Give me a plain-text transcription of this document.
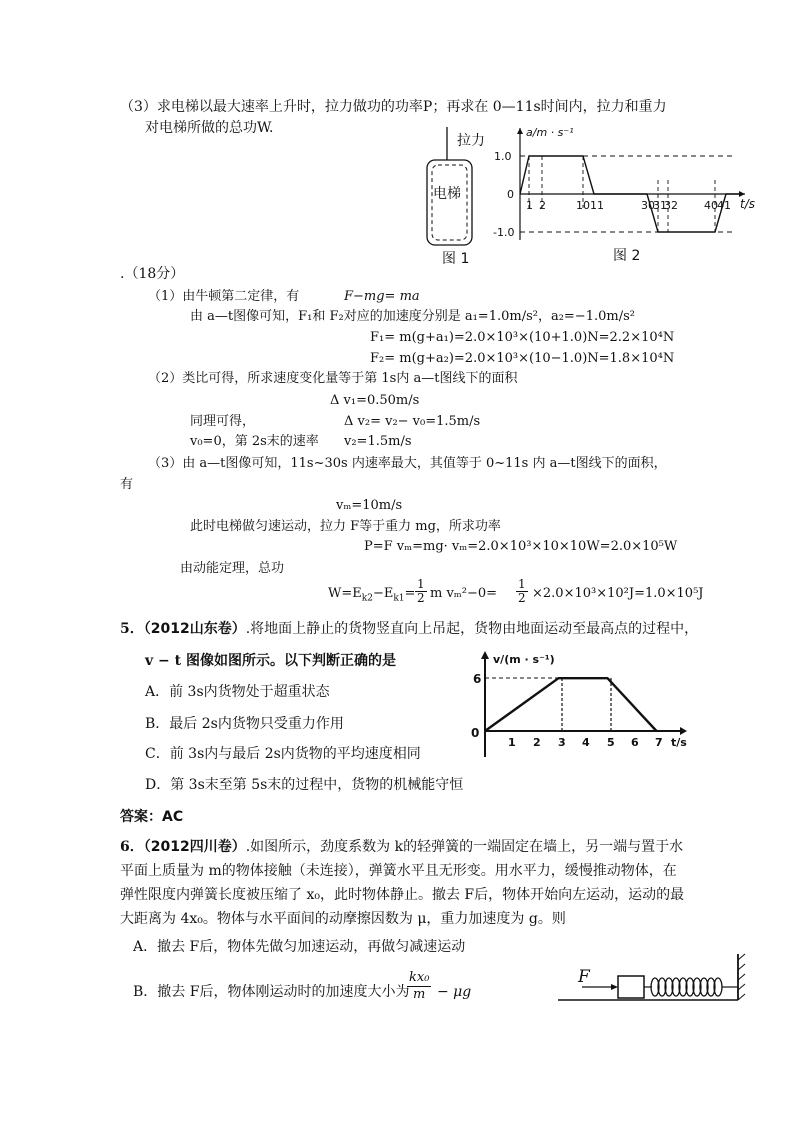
（3）求电梯以最大速率上升时，拉力做功的功率P；再求在 0—11s时间内，拉力和重力
对电梯所做的总功W.
拉力
电梯
图 1
a/m · s⁻¹
t/s
1.0
0
-1.0
1 2	10 11	30
31
32 40 41
图 2
.（18分）
（1）由牛顿第二定律，有	F−mg= ma
由 a—t图像可知，F₁和 F₂对应的加速度分别是 a₁=1.0m/s²，a₂=−1.0m/s²
F₁= m(g+a₁)=2.0×10³×(10+1.0)N=2.2×10⁴N
F₂= m(g+a₂)=2.0×10³×(10−1.0)N=1.8×10⁴N
（2）类比可得，所求速度变化量等于第 1s内 a—t图线下的面积
Δ v₁=0.50m/s
同理可得，	Δ v₂= v₂− v₀=1.5m/s
v₀=0，第 2s末的速率 v₂=1.5m/s
（3）由 a—t图像可知，11s~30s 内速率最大，其值等于 0~11s 内 a—t图线下的面积，
有
vₘ=10m/s
此时电梯做匀速运动，拉力 F等于重力 mg，所求功率
P=F vₘ=mg· vₘ=2.0×10³×10×10W=2.0×10⁵W
由动能定理，总功
$W=E_{k2}-E_{k1}= \frac{1}{2}$ m $v_m^2-0= \frac{1}{2} \times 2.0\times 10^3\times 10^2J=1.0\times 10^5J$
5．（2012山东卷）.将地面上静止的货物竖直向上吊起，货物由地面运动至最高点的过程中，
v − t 图像如图所示。以下判断正确的是
A．前 3s内货物处于超重状态
B．最后 2s内货物只受重力作用
C．前 3s内与最后 2s内货物的平均速度相同
D．第 3s末至第 5s末的过程中，货物的机械能守恒
答案：AC
v/(m · s⁻¹)
6
0
1 2 3 4 5 6 7 t/s
6．（2012四川卷）.如图所示，劲度系数为 k的轻弹簧的一端固定在墙上，另一端与置于水
平面上质量为 m的物体接触（未连接），弹簧水平且无形变。用水平力，缓慢推动物体，在
弹性限度内弹簧长度被压缩了 x₀，此时物体静止。撤去 F后，物体开始向左运动，运动的最
大距离为 4x₀。物体与水平面间的动摩擦因数为 μ，重力加速度为 g。则
A．撤去 F后，物体先做匀加速运动，再做匀减速运动
B．撤去 F后，物体刚运动时的加速度大小为
$\frac{\text{kx₀}}{m} - \mu g$
F
